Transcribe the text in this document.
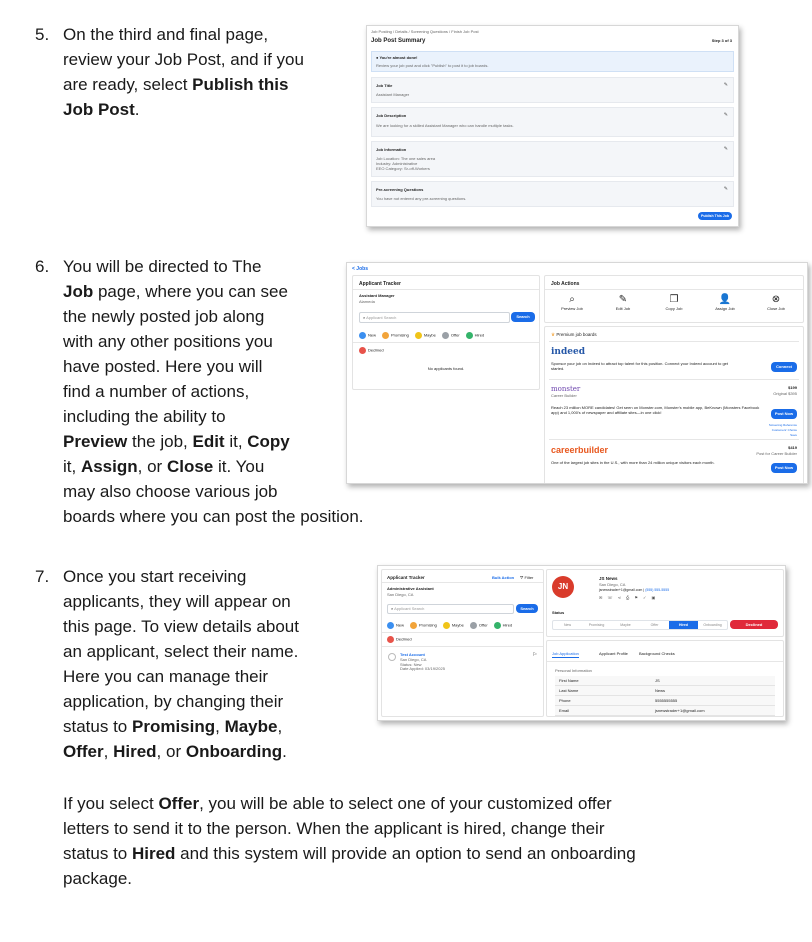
5. On the third and final page,
review your Job Post, and if you
are ready, select Publish this
Job Post.
Job Posting / Details / Screening Questions / Finish Job Post
Job Post Summary	Step 3 of 3
● You're almost done!
Review your job post and click "Publish" to post it to job boards.
Job Title
Assistant Manager
✎
Job Description
We are looking for a skilled Assistant Manager who can handle multiple tasks.
✎
Job Information
Job Location: The one sales area
Industry: Administrative
EEO Category: Sr-off-Workers
✎
Pre-screening Questions
You have not entered any pre-screening questions.
✎
Publish This Job Post
6. You will be directed to The
Job page, where you can see
the newly posted job along
with any other positions you
have posted. Here you will
find a number of actions,
including the ability to
Preview the job, Edit it, Copy
it, Assign, or Close it. You
may also choose various job
boards where you can post the position.
< Jobs
Applicant Tracker
Assistant Manager
Alameda
⌕ Applicant Search	Search
New	Promising	Maybe	Offer	Hired
Declined
No applicants found.
Job Actions
⌕
Preview Job
✎
Edit Job
❐
Copy Job
👤
Assign Job
⊗
Close Job
♛ Premium job boards
indeed
Sponsor your job on Indeed to attract top talent for this position. Connect your Indeed account to get started.	Connect
monster
Career Builder
$199
Original $395
Reach 23 million MORE candidates! Get seen on Monster.com, Monster's mobile app, BeKnown (Monsters Facebook app) and 1,000's of newspaper and affiliate sites—in one click!	Post Now
Screening Reference
Customers' Choice
Save
careerbuilder	$419
Post for Career Builder
One of the largest job sites in the U.S., with more than 24 million unique visitors each month.
Post Now
7. Once you start receiving
applicants, they will appear on
this page. To view details about
an applicant, select their name.
Here you can manage their
application, by changing their
status to Promising, Maybe,
Offer, Hired, or Onboarding.
Applicant Tracker	Bulk Action ⛛ Filter
Administrative Assistant
San Diego, CA
⌕ Applicant Search	Search
New	Promising	Maybe	Offer	Hired
Declined
Test Account
San Diego, CA
Status: New
Date Applied: 03/19/2025
⚐
JN
JS News
San Diego, CA
jsnewstrader+1@gmail.com | (555) 555-5555
✉ ☏ ⋖ ⎙ ⚑ ✓ ▣
Status
New	Promising	Maybe	Offer	Hired	Onboarding	Declined
Job Application	Applicant Profile	Background Checks
Personal Information
First Name	JS
Last Name	News
Phone	5555555555
Email	jsnewstrader+1@gmail.com
If you select Offer, you will be able to select one of your customized offer
letters to send it to the person. When the applicant is hired, change their
status to Hired and this system will provide an option to send an onboarding
package.
